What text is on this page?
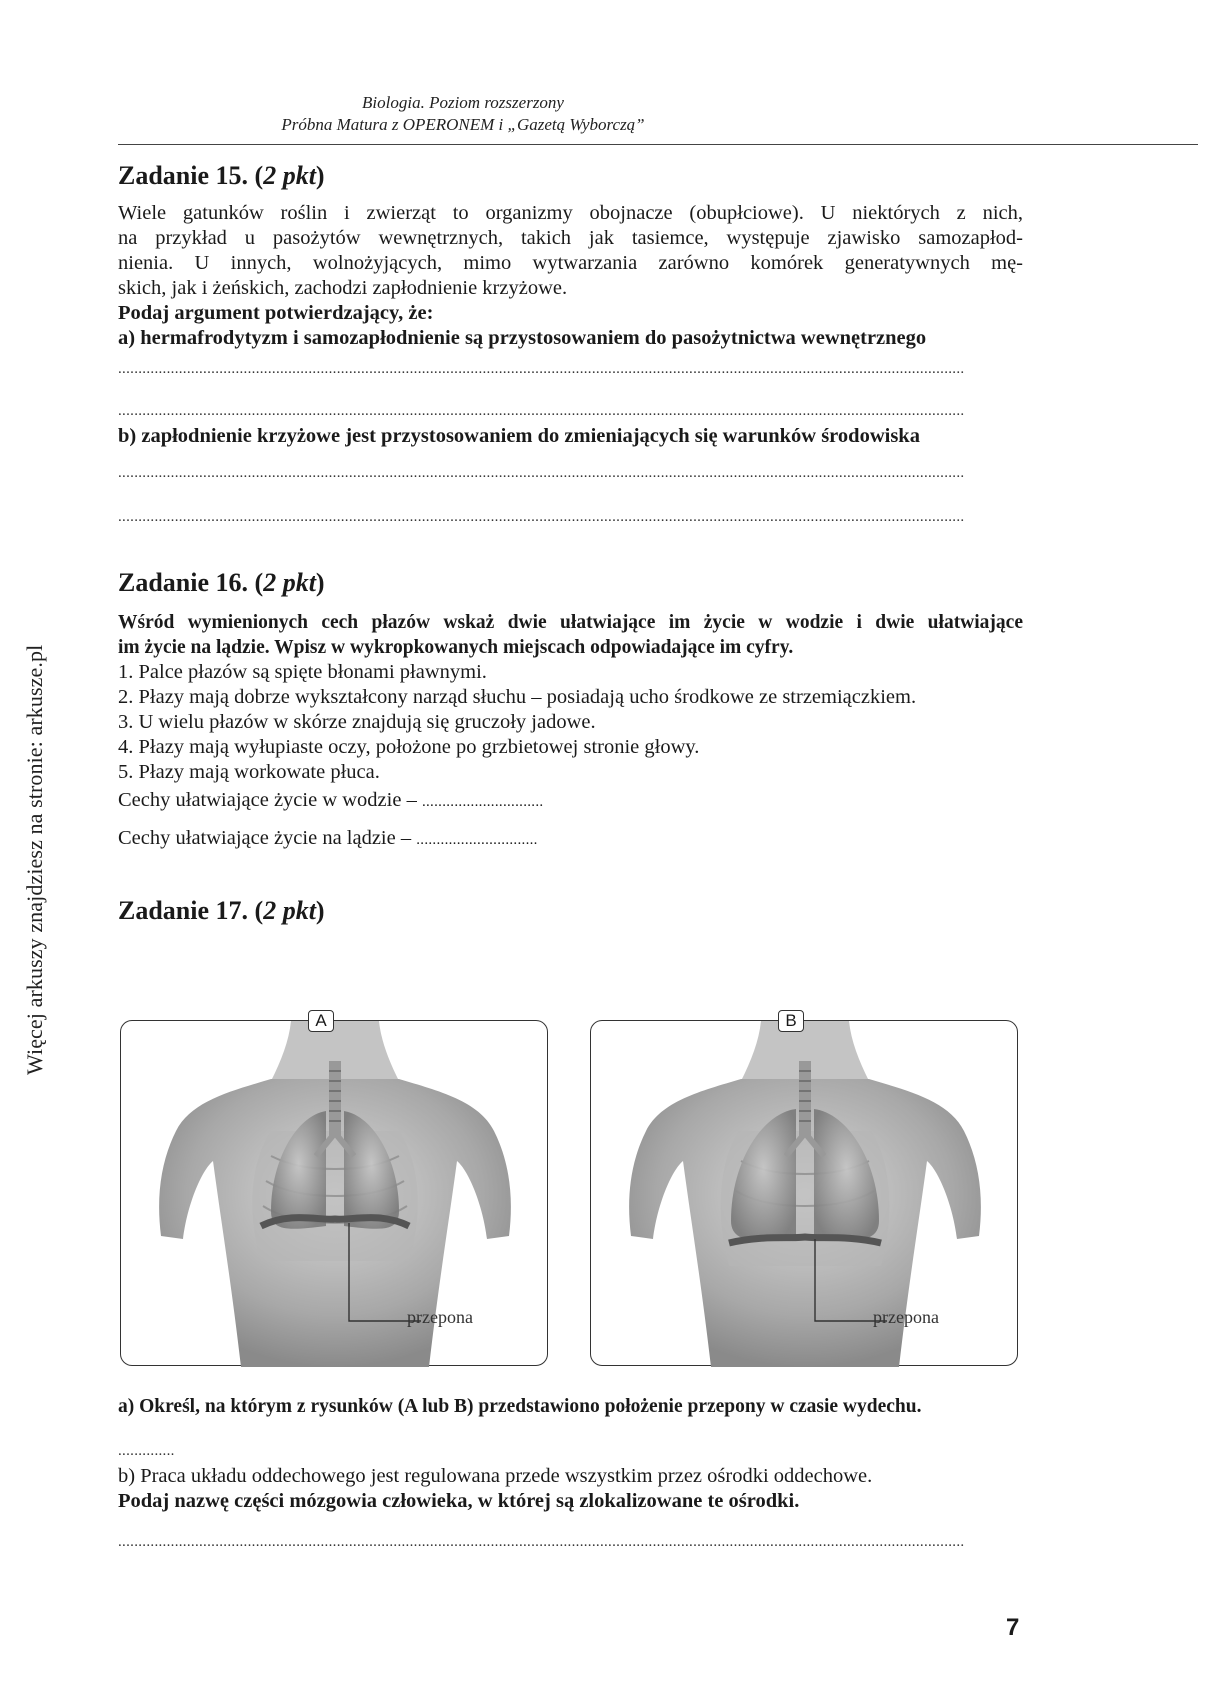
Biologia. Poziom rozszerzony
Próbna Matura z OPERONEM i „Gazetą Wyborczą”
Więcej arkuszy znajdziesz na stronie: arkusze.pl
Zadanie 15. (2 pkt)
Wiele gatunków roślin i zwierząt to organizmy obojnacze (obupłciowe). U niektórych z nich,
na przykład u pasożytów wewnętrznych, takich jak tasiemce, występuje zjawisko samozapłod-
nienia. U innych, wolnożyjących, mimo wytwarzania zarówno komórek generatywnych mę-
skich, jak i żeńskich, zachodzi zapłodnienie krzyżowe.
Podaj argument potwierdzający, że:
a) hermafrodytyzm i samozapłodnienie są przystosowaniem do pasożytnictwa wewnętrznego
.................................................................................................................................................................................................................
.................................................................................................................................................................................................................
b) zapłodnienie krzyżowe jest przystosowaniem do zmieniających się warunków środowiska
.................................................................................................................................................................................................................
.................................................................................................................................................................................................................
Zadanie 16. (2 pkt)
Wśród wymienionych cech płazów wskaż dwie ułatwiające im życie w wodzie i dwie ułatwiające
im życie na lądzie. Wpisz w wykropkowanych miejscach odpowiadające im cyfry.
1. Palce płazów są spięte błonami pławnymi.
2. Płazy mają dobrze wykształcony narząd słuchu – posiadają ucho środkowe ze strzemiączkiem.
3. U wielu płazów w skórze znajdują się gruczoły jadowe.
4. Płazy mają wyłupiaste oczy, położone po grzbietowej stronie głowy.
5. Płazy mają workowate płuca.
Cechy ułatwiające życie w wodzie – ..............................
Cechy ułatwiające życie na lądzie – ..............................
Zadanie 17. (2 pkt)
A
przepona
B
przepona
a) Określ, na którym z rysunków (A lub B) przedstawiono położenie przepony w czasie wydechu.
..............
b) Praca układu oddechowego jest regulowana przede wszystkim przez ośrodki oddechowe.
Podaj nazwę części mózgowia człowieka, w której są zlokalizowane te ośrodki.
.................................................................................................................................................................................................................
7
